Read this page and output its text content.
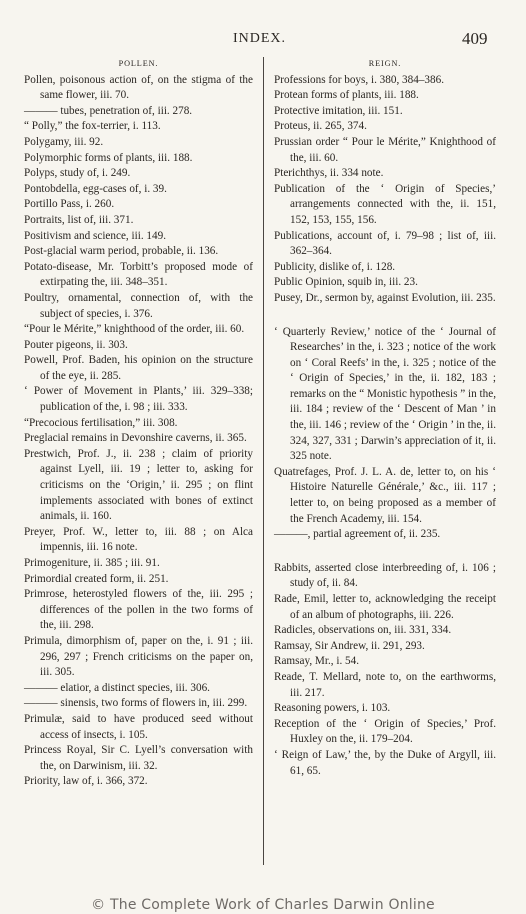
INDEX.	409
POLLEN.
Pollen, poisonous action of, on the stigma of the same flower, iii. 70.
——— tubes, penetration of, iii. 278.
“ Polly,” the fox-terrier, i. 113.
Polygamy, iii. 92.
Polymorphic forms of plants, iii. 188.
Polyps, study of, i. 249.
Pontobdella, egg-cases of, i. 39.
Portillo Pass, i. 260.
Portraits, list of, iii. 371.
Positivism and science, iii. 149.
Post-glacial warm period, probable, ii. 136.
Potato-disease, Mr. Torbitt’s proposed mode of extirpating the, iii. 348–351.
Poultry, ornamental, connection of, with the subject of species, i. 376.
“Pour le Mérite,” knighthood of the order, iii. 60.
Pouter pigeons, ii. 303.
Powell, Prof. Baden, his opinion on the structure of the eye, ii. 285.
‘ Power of Movement in Plants,’ iii. 329–338; publication of the, i. 98 ; iii. 333.
“Precocious fertilisation,” iii. 308.
Preglacial remains in Devonshire caverns, ii. 365.
Prestwich, Prof. J., ii. 238 ; claim of priority against Lyell, iii. 19 ; letter to, asking for criticisms on the ‘Origin,’ ii. 295 ; on flint implements associated with bones of extinct animals, ii. 160.
Preyer, Prof. W., letter to, iii. 88 ; on Alca impennis, iii. 16 note.
Primogeniture, ii. 385 ; iii. 91.
Primordial created form, ii. 251.
Primrose, heterostyled flowers of the, iii. 295 ; differences of the pollen in the two forms of the, iii. 298.
Primula, dimorphism of, paper on the, i. 91 ; iii. 296, 297 ; French criticisms on the paper on, iii. 305.
——— elatior, a distinct species, iii. 306.
——— sinensis, two forms of flowers in, iii. 299.
Primulæ, said to have produced seed without access of insects, i. 105.
Princess Royal, Sir C. Lyell’s conversation with the, on Darwinism, iii. 32.
Priority, law of, i. 366, 372.
REIGN.
Professions for boys, i. 380, 384–386.
Protean forms of plants, iii. 188.
Protective imitation, iii. 151.
Proteus, ii. 265, 374.
Prussian order “ Pour le Mérite,” Knighthood of the, iii. 60.
Pterichthys, ii. 334 note.
Publication of the ‘ Origin of Species,’ arrangements connected with the, ii. 151, 152, 153, 155, 156.
Publications, account of, i. 79–98 ; list of, iii. 362–364.
Publicity, dislike of, i. 128.
Public Opinion, squib in, iii. 23.
Pusey, Dr., sermon by, against Evolution, iii. 235.
‘ Quarterly Review,’ notice of the ‘ Journal of Researches’ in the, i. 323 ; notice of the work on ‘ Coral Reefs’ in the, i. 325 ; notice of the ‘ Origin of Species,’ in the, ii. 182, 183 ; remarks on the “ Monistic hypothesis ” in the, iii. 184 ; review of the ‘ Descent of Man ’ in the, iii. 146 ; review of the ‘ Origin ’ in the, ii. 324, 327, 331 ; Darwin’s appreciation of it, ii. 325 note.
Quatrefages, Prof. J. L. A. de, letter to, on his ‘ Histoire Naturelle Générale,’ &c., iii. 117 ; letter to, on being proposed as a member of the French Academy, iii. 154.
———, partial agreement of, ii. 235.
Rabbits, asserted close interbreeding of, i. 106 ; study of, ii. 84.
Rade, Emil, letter to, acknowledging the receipt of an album of photographs, iii. 226.
Radicles, observations on, iii. 331, 334.
Ramsay, Sir Andrew, ii. 291, 293.
Ramsay, Mr., i. 54.
Reade, T. Mellard, note to, on the earthworms, iii. 217.
Reasoning powers, i. 103.
Reception of the ‘ Origin of Species,’ Prof. Huxley on the, ii. 179–204.
‘ Reign of Law,’ the, by the Duke of Argyll, iii. 61, 65.
© The Complete Work of Charles Darwin Online
